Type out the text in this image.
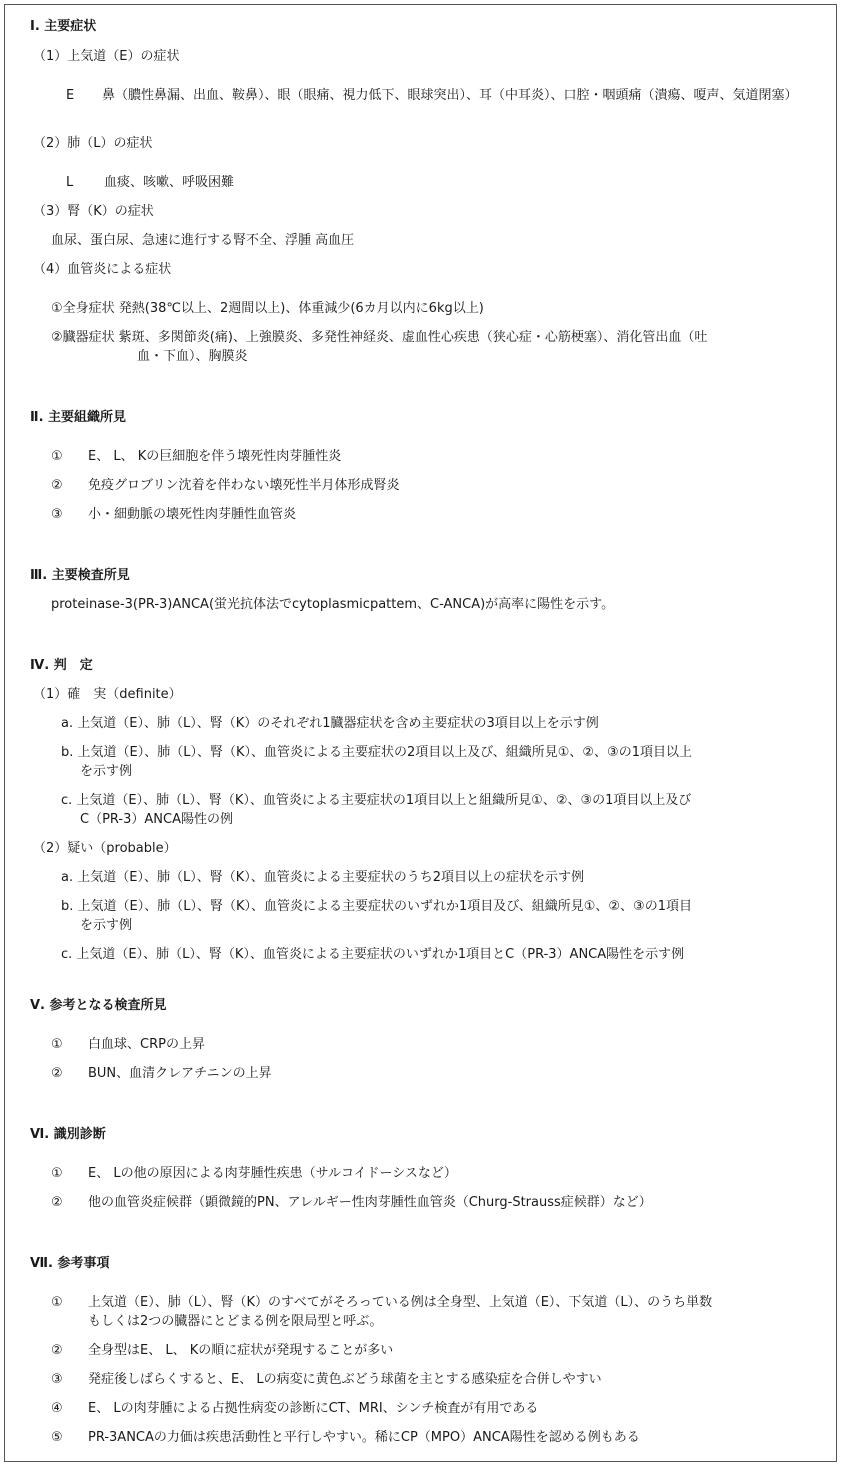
Ⅰ. 主要症状
（1）上気道（E）の症状
E 鼻（膿性鼻漏、出血、鞍鼻）、眼（眼痛、視力低下、眼球突出）、耳（中耳炎）、口腔・咽頭痛（潰瘍、嗄声、気道閉塞）
（2）肺（L）の症状
L 血痰、咳嗽、呼吸困難
（3）腎（K）の症状
血尿、蛋白尿、急速に進行する腎不全、浮腫 高血圧
（4）血管炎による症状
①全身症状 発熱(38℃以上、2週間以上)、体重減少(6カ月以内に6kg以上)
②臓器症状 紫斑、多関節炎(痛)、上強膜炎、多発性神経炎、虚血性心疾患（狭心症・心筋梗塞）、消化管出血（吐
血・下血）、胸膜炎
Ⅱ. 主要組織所見
① E、 L、 Kの巨細胞を伴う壊死性肉芽腫性炎
② 免疫グロブリン沈着を伴わない壊死性半月体形成腎炎
③ 小・細動脈の壊死性肉芽腫性血管炎
Ⅲ. 主要検査所見
proteinase-3(PR-3)ANCA(蛍光抗体法でcytoplasmicpattem、C-ANCA)が高率に陽性を示す。
Ⅳ. 判　定
（1）確　実（definite）
a. 上気道（E）、肺（L）、腎（K）のそれぞれ1臓器症状を含め主要症状の3項目以上を示す例
b. 上気道（E）、肺（L）、腎（K）、血管炎による主要症状の2項目以上及び、組織所見①、②、③の1項目以上
を示す例
c. 上気道（E）、肺（L）、腎（K）、血管炎による主要症状の1項目以上と組織所見①、②、③の1項目以上及び
C（PR-3）ANCA陽性の例
（2）疑い（probable）
a. 上気道（E）、肺（L）、腎（K）、血管炎による主要症状のうち2項目以上の症状を示す例
b. 上気道（E）、肺（L）、腎（K）、血管炎による主要症状のいずれか1項目及び、組織所見①、②、③の1項目
を示す例
c. 上気道（E）、肺（L）、腎（K）、血管炎による主要症状のいずれか1項目とC（PR-3）ANCA陽性を示す例
Ⅴ. 参考となる検査所見
① 白血球、CRPの上昇
② BUN、血清クレアチニンの上昇
Ⅵ. 識別診断
① E、 Lの他の原因による肉芽腫性疾患（サルコイドーシスなど）
② 他の血管炎症候群（顕微鏡的PN、アレルギー性肉芽腫性血管炎（Churg-Strauss症候群）など）
Ⅶ. 参考事項
① 上気道（E）、肺（L）、腎（K）のすべてがそろっている例は全身型、上気道（E）、下気道（L）、のうち単数
もしくは2つの臓器にとどまる例を限局型と呼ぶ。
② 全身型はE、 L、 Kの順に症状が発現することが多い
③ 発症後しばらくすると、E、 Lの病変に黄色ぶどう球菌を主とする感染症を合併しやすい
④ E、 Lの肉芽腫による占拠性病変の診断にCT、MRI、シンチ検査が有用である
⑤ PR-3ANCAの力価は疾患活動性と平行しやすい。稀にCP（MPO）ANCA陽性を認める例もある
